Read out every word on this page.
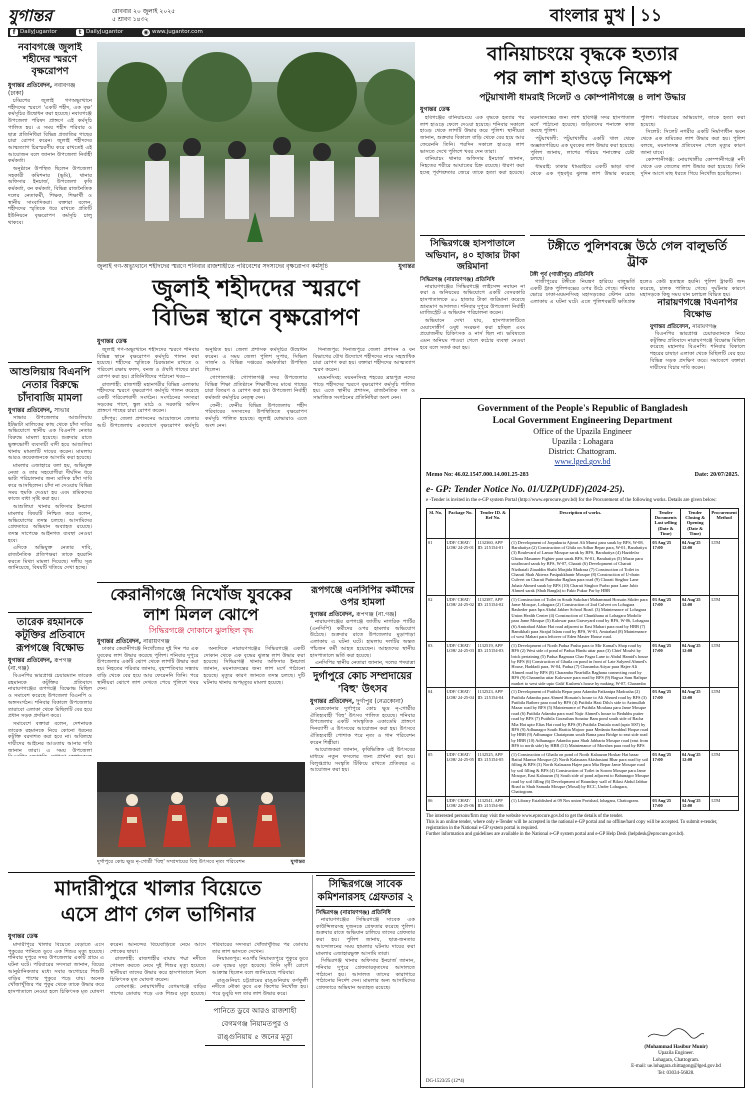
যুগান্তর	রোববার ২০ জুলাই ২০২৫
৫ শ্রাবণ ১৪৩২	বাংলার মুখ ১১
f DailyJugantor	t DailyJugantor	◉ www.jugantor.com
নবাবগঞ্জে জুলাই শহীদের স্মরণে বৃক্ষরোপণ
যুগান্তর প্রতিবেদন, নবাবগঞ্জ (ঢাকা)

চব্বিশের জুলাই গণঅভ্যুত্থানে শহীদদের স্মরণে 'একটি শহীদ, এক বৃক্ষ' কর্মসূচির উদ্বোধন করা হয়েছে। নবাবগঞ্জে উপজেলা পরিষদ প্রাঙ্গণে এই কর্মসূচি পালিত হয়। এ সময় শহীদ পরিবার ও ছাত্র প্রতিনিধিরা বিভিন্ন প্রজাতির গাছের চারা রোপণ করেন। জুলাই শহীদদের আত্মত্যাগ চিরস্মরণীয় করে রাখতেই এই আয়োজন বলে জানান উপজেলা নির্বাহী কর্মকর্তা।

অনুষ্ঠানে উপস্থিত ছিলেন উপজেলা সহকারী কমিশনার (ভূমি), থানার অফিসার ইনচার্জ, উপজেলা কৃষি কর্মকর্তা, বন কর্মকর্তা, বিভিন্ন রাজনৈতিক দলের নেতাকর্মী, শিক্ষক, শিক্ষার্থী ও স্থানীয় সাংবাদিকরা। বক্তারা বলেন, শহীদদের স্মৃতিকে ধরে রাখতে প্রতিটি ইউনিয়নে বৃক্ষরোপণ কর্মসূচি চালু থাকবে।

জুলাই গণ-অভ্যুত্থানে শহীদদের স্মরণে শনিবার রাজশাহীতে পরিবেশের সদস্যদের বৃক্ষরোপণ কর্মসূচি	যুগান্তর
জুলাই শহীদদের স্মরণে
বিভিন্ন স্থানে বৃক্ষরোপণ
যুগান্তর ডেস্ক

জুলাই গণ-অভ্যুত্থানে শহীদদের স্মরণে শনিবার বিভিন্ন স্থানে বৃক্ষরোপণ কর্মসূচি পালন করা হয়েছে। শহীদের স্মৃতিকে চিরঅম্লান রাখতে ও পরিবেশ রক্ষায় ফলদ, বনজ ও ঔষধি গাছের চারা রোপণ করা হয়। প্রতিনিধিদের পাঠানো খবর—

রাজশাহী: রাজশাহী মহানগরীর বিভিন্ন এলাকায় শহীদদের স্মরণে বৃক্ষরোপণ কর্মসূচি পালন করেছে একটি পরিবেশবাদী সংগঠন। সংগঠনের সদস্যরা সড়কের পাশে, স্কুল মাঠে ও সরকারি অফিস প্রাঙ্গণে গাছের চারা রোপণ করেন।

চাঁদপুর: জেলা প্রশাসনের আয়োজনে জেলার আট উপজেলায় একযোগে বৃক্ষরোপণ কর্মসূচি অনুষ্ঠিত হয়। জেলা প্রশাসক কর্মসূচির উদ্বোধন করেন। এ সময় জেলা পুলিশ সুপার, সিভিল সার্জন ও বিভিন্ন দপ্তরের কর্মকর্তারা উপস্থিত ছিলেন।

গোপালগঞ্জ: গোপালগঞ্জ সদর উপজেলার বিভিন্ন শিক্ষা প্রতিষ্ঠানে শিক্ষার্থীদের মাঝে গাছের চারা বিতরণ ও রোপণ করা হয়। উপজেলা নির্বাহী কর্মকর্তা কর্মসূচির নেতৃত্ব দেন।

ফেনী: ফেনীর বিভিন্ন উপজেলায় শহীদ পরিবারের সদস্যদের উপস্থিতিতে বৃক্ষরোপণ কর্মসূচি পালিত হয়েছে। জুলাই যোদ্ধারাও এতে অংশ নেন।

দিনাজপুর: দিনাজপুরে জেলা প্রশাসন ও বন বিভাগের যৌথ উদ্যোগে শহীদদের নামে সহস্রাধিক চারা রোপণ করা হয়। বক্তারা শহীদদের আত্মত্যাগ স্মরণ করেন।

ময়মনসিংহ: ময়মনসিংহ শহরের ব্রহ্মপুত্র নদের পাড়ে শহীদদের স্মরণে বৃক্ষরোপণ কর্মসূচি পালিত হয়। এতে স্থানীয় প্রশাসন, রাজনৈতিক দল ও সামাজিক সংগঠনের প্রতিনিধিরা অংশ নেন।

আশুলিয়ায় বিএনপি নেতার বিরুদ্ধে চাঁদাবাজি মামলা
যুগান্তর প্রতিবেদন, সাভার

সাভার উপজেলার আশুলিয়ায় ইটভাটা মালিকের কাছ থেকে চাঁদা দাবির অভিযোগে স্থানীয় এক বিএনপি নেতার বিরুদ্ধে মামলা হয়েছে। শুক্রবার রাতে ভুক্তভোগী ব্যবসায়ী বাদী হয়ে আশুলিয়া থানায় মামলাটি দায়ের করেন। মামলায় আরও কয়েকজনকে আসামি করা হয়েছে।

মামলার এজাহারে বলা হয়, অভিযুক্ত নেতা ও তার সহযোগীরা দীর্ঘদিন ধরে ভাটা পরিচালনার জন্য মাসিক চাঁদা দাবি করে আসছিলেন। চাঁদা না দেওয়ায় বিভিন্ন সময় হুমকি দেওয়া হয় এবং শ্রমিকদের কাজে বাধা সৃষ্টি করা হয়।

আশুলিয়া থানার অফিসার ইনচার্জ মামলার বিষয়টি নিশ্চিত করে বলেন, অভিযোগের তদন্ত চলছে। আসামিদের গ্রেফতারে অভিযান অব্যাহত রয়েছে। তদন্ত সাপেক্ষে আইনগত ব্যবস্থা নেওয়া হবে।

এদিকে অভিযুক্ত নেতার দাবি, রাজনৈতিক প্রতিপক্ষরা তাকে হয়রানি করতে মিথ্যা মামলা দিয়েছে। দলীয় সূত্র জানিয়েছে, বিষয়টি খতিয়ে দেখা হচ্ছে।

তারেক রহমানকে কটূক্তির প্রতিবাদে রূপগঞ্জে বিক্ষোভ
যুগান্তর প্রতিবেদন, রূপগঞ্জ (না.গঞ্জ)

বিএনপির ভারপ্রাপ্ত চেয়ারম্যান তারেক রহমানকে কটূক্তির প্রতিবাদে নারায়ণগঞ্জের রূপগঞ্জে বিক্ষোভ মিছিল ও সমাবেশ করেছে উপজেলা বিএনপি ও অঙ্গসংগঠন। শনিবার বিকালে উপজেলার তারাবো এলাকা থেকে মিছিলটি বের হয়ে প্রধান সড়ক প্রদক্ষিণ করে।

সমাবেশে বক্তারা বলেন, দেশনায়ক তারেক রহমানকে নিয়ে কোনো ধরনের কটূক্তি বরদাশত করা হবে না। অবিলম্বে দায়ীদের আইনের আওতায় আনার দাবি জানান তারা। এ সময় উপজেলা

কেরানীগঞ্জে নিখোঁজ যুবকের
লাশ মিলল ঝোপে
সিদ্ধিরগঞ্জে দোকানে ঝুলছিল বৃদ্ধ
যুগান্তর প্রতিবেদন, নারায়ণগঞ্জ

ঢাকার কেরানীগঞ্জে নিখোঁজের দুই দিন পর এক যুবকের লাশ উদ্ধার করেছে পুলিশ। শনিবার দুপুরে উপজেলার একটি ঝোপ থেকে লাশটি উদ্ধার করা হয়। নিহতের পরিবার জানায়, বৃহস্পতিবার সন্ধ্যায় বাড়ি থেকে বের হয়ে আর ফেরেননি তিনি। পরে স্থানীয়রা ঝোপে লাশ দেখতে পেয়ে পুলিশে খবর দেন।

অন্যদিকে নারায়ণগঞ্জের সিদ্ধিরগঞ্জে একটি দোকান থেকে এক বৃদ্ধের ঝুলন্ত লাশ উদ্ধার করা হয়েছে। সিদ্ধিরগঞ্জ থানার অফিসার ইনচার্জ জানান, ময়নাতদন্তের জন্য লাশ মর্গে পাঠানো হয়েছে। মৃত্যুর কারণ জানতে তদন্ত চলছে। দুটি ঘটনায় থানায় অপমৃত্যুর মামলা হয়েছে।

রূপগঞ্জে এনসিপির কর্মীদের ওপর হামলা
যুগান্তর প্রতিবেদন, রূপগঞ্জ (না.গঞ্জ)

নারায়ণগঞ্জের রূপগঞ্জে জাতীয় নাগরিক পার্টির (এনসিপি) কর্মীদের ওপর হামলার অভিযোগ উঠেছে। শুক্রবার রাতে উপজেলার মুড়াপাড়া এলাকায় এ ঘটনা ঘটে। হামলায় দলটির অন্তত পাঁচজন কর্মী আহত হয়েছেন। আহতদের স্থানীয় হাসপাতালে ভর্তি করা হয়েছে।

এনসিপির স্থানীয় নেতারা জানান, দলের পদযাত্রা

দুর্গাপুরে কোচ ক্ষুদ্র নৃ-গোষ্ঠী 'বিহু' সম্প্রদায়ের বিহু উৎসবে নৃত্য পরিবেশন	যুগান্তর
দুর্গাপুরে কোচ সম্প্রদায়ের 'বিহু' উৎসব
যুগান্তর প্রতিবেদন, দুর্গাপুর (নেত্রকোনা)

নেত্রকোনার দুর্গাপুরে কোচ ক্ষুদ্র নৃ-গোষ্ঠীর ঐতিহ্যবাহী 'বিহু' উৎসব পালিত হয়েছে। শনিবার উপজেলার একটি সাংস্কৃতিক একাডেমি প্রাঙ্গণে দিনব্যাপী এ উৎসবের আয়োজন করা হয়। উৎসবে ঐতিহ্যবাহী পোশাক পরে নৃত্য ও গান পরিবেশন করেন শিল্পীরা।

আয়োজকরা জানান, কৃষিভিত্তিক এই উৎসবের মাধ্যমে নতুন ফসলের জন্য প্রার্থনা করা হয়। বিলুপ্তপ্রায় সংস্কৃতি টিকিয়ে রাখতে প্রতিবছর এ আয়োজন করা হয়।

বানিয়াচংয়ে বৃদ্ধকে হত্যার
পর লাশ হাওড়ে নিক্ষেপ
পটুয়াখালী ধামরাই সিলেট ও কোম্পানীগঞ্জে ৪ লাশ উদ্ধার
যুগান্তর ডেস্ক

হবিগঞ্জের বানিয়াচংয়ে এক বৃদ্ধকে হত্যার পর লাশ হাওড়ে ফেলে দেওয়া হয়েছে। শনিবার সকালে হাওড় থেকে লাশটি উদ্ধার করে পুলিশ। স্থানীয়রা জানান, শুক্রবার বিকালে বাড়ি থেকে বের হয়ে আর ফেরেননি তিনি। পরদিন সকালে হাওড়ে লাশ ভাসতে দেখে পুলিশে খবর দেন তারা।

বানিয়াচং থানার অফিসার ইনচার্জ জানান, নিহতের শরীরে আঘাতের চিহ্ন রয়েছে। ধারণা করা হচ্ছে পূর্বশত্রুতার জেরে তাকে হত্যা করা হয়েছে। ময়নাতদন্তের জন্য লাশ হবিগঞ্জ সদর হাসপাতাল মর্গে পাঠানো হয়েছে। জড়িতদের শনাক্তে কাজ করছে পুলিশ।

পটুয়াখালী: পটুয়াখালীর একটি খাল থেকে অজ্ঞাতপরিচয় এক যুবকের লাশ উদ্ধার করা হয়েছে। পুলিশ জানায়, লাশের পরিচয় শনাক্তের চেষ্টা চলছে।

ধামরাই: ঢাকার ধামরাইয়ে একটি ভাড়া বাসা থেকে এক গৃহবধূর ঝুলন্ত লাশ উদ্ধার করেছে পুলিশ। পরিবারের অভিযোগ, তাকে হত্যা করা হয়েছে।

সিলেট: সিলেট নগরীর একটি নির্মাণাধীন ভবন থেকে এক শ্রমিকের লাশ উদ্ধার করা হয়। পুলিশ বলছে, ময়নাতদন্ত প্রতিবেদন পেলে মৃত্যুর কারণ জানা যাবে।

কোম্পানীগঞ্জ: নোয়াখালীর কোম্পানীগঞ্জে নদী থেকে এক জেলের লাশ উদ্ধার করা হয়েছে। তিনি দুদিন আগে মাছ ধরতে গিয়ে নিখোঁজ হয়েছিলেন।

সিদ্ধিরগঞ্জে হাসপাতালে অভিযান, ৪০ হাজার টাকা জরিমানা
সিদ্ধিরগঞ্জ (নারায়ণগঞ্জ) প্রতিনিধি

নারায়ণগঞ্জের সিদ্ধিরগঞ্জে লাইসেন্স নবায়ন না করা ও অনিয়মের অভিযোগে একটি বেসরকারি হাসপাতালকে ৪০ হাজার টাকা জরিমানা করেছে ভ্রাম্যমাণ আদালত। শনিবার দুপুরে উপজেলা নির্বাহী ম্যাজিস্ট্রেট এ অভিযান পরিচালনা করেন।

অভিযানে দেখা যায়, হাসপাতালটিতে মেয়াদোত্তীর্ণ ওষুধ সংরক্ষণ করা হচ্ছিল এবং প্রয়োজনীয় চিকিৎসক ও নার্স ছিল না। ভবিষ্যতে এমন অনিয়ম পাওয়া গেলে কঠোর ব্যবস্থা নেওয়া হবে বলে সতর্ক করা হয়।

টঙ্গীতে পুলিশবক্সে উঠে গেল বালুভর্তি ট্রাক
টঙ্গী পূর্ব (গাজীপুর) প্রতিনিধি

গাজীপুরের টঙ্গীতে নিয়ন্ত্রণ হারিয়ে বালুভর্তি একটি ট্রাক পুলিশবক্সের ওপর উঠে গেছে। শনিবার ভোরে ঢাকা-ময়মনসিংহ মহাসড়কের স্টেশন রোড এলাকায় এ ঘটনা ঘটে। এতে পুলিশবক্সটি ক্ষতিগ্রস্ত হলেও কেউ হতাহত হয়নি। পুলিশ ট্রাকটি জব্দ করেছে, চালক পালিয়ে গেছে। দুর্ঘটনার কারণে মহাসড়কে কিছু সময় যান চলাচল বিঘ্নিত হয়।

নারায়ণগঞ্জে বিএনপির বিক্ষোভ
যুগান্তর প্রতিবেদন, নারায়ণগঞ্জ

বিএনপির ভারপ্রাপ্ত চেয়ারম্যানকে নিয়ে কটূক্তির প্রতিবাদে নারায়ণগঞ্জে বিক্ষোভ মিছিল করেছে মহানগর বিএনপি। শনিবার বিকালে শহরের চাষাঢ়া এলাকা থেকে মিছিলটি বের হয়ে বিভিন্ন সড়ক প্রদক্ষিণ করে। সমাবেশে বক্তারা দায়ীদের বিচার দাবি করেন।

Government of the People's Republic of Bangladesh
Local Government Engineering Department
Office of the Upazila Engineer
Upazila : Lohagara
District: Chattogram.
www.lged.gov.bd
Memo No: 46.02.1547.000.14.001.25-283	Date: 20/07/2025.
e- GP: Tender Notice No. 01/UZP(UDF)(2024-25).
e -Tender is invited in the e-GP system Portal (http://www.eprocure.gov.bd) for the Procurement of the following works. Details are given below:
Sl. No.	Package No.	Tender ID. & Ref No.	Description of works.	Tender Documents Last selling (Date & Time)	Tender Closing & Opening (Date & Time)	Procurement Method
01	UDF/ CHAT/ LOH/ 24-25-01	1132360, APP ID: 215154-01	(1) Development of Jorpukuria Ajimri Ali Munsi para sarak by BFS, W-08, Barahatiya (2) Construction of Ghila on Adhar Bepar para, W-01, Barahatiya (3) Boulevard of Lamar Mosque sarak by BFS, Barahatiya (4) Hazidefar Ghona Masumer Fighter para sarak BFS, W-01, Barahatiya (5) Mazar para southward sarak by BFS, W-07, Charati (6) Development of Charati Nizibatali Ziauddin Shahi Masjida Madrasa (7) Construction of Toilet in Charati Shah Akterra Pasipukkhanir Mosque (8) Construction of U-drain Culvert on Charati Putimdar Baghan para road (9) Charati Singhor Lane Jubair Ahmed sarak by BFS (10) Charati Singhor Purbo para Lane Jubir Ahmed sarak (Shah Bangla) to Fakir Pukur Par by HBB	03 Aug'25 17:00	04 Aug'25 12:00	LTM
02	UDF/ CHAT/ LOH/ 24-25-02	1132387, APP ID: 215154-02	(1) Construction of Toilet in South Sukchari Mohammad Hossain Sikder para Jame Mosque, Lohagara (2) Construction of 2nd Culvert on Lohagara Rasheder para Iqra Abdul Jabber School Road. (3) Maintenance of Lohagara Union Health Center (4) Construction of Chunkhana at Lohagara Modolir para Jame Mosque (5) Kalowar para Graveyard road by BFS, W-06, Lohagara (6) Amirabad Akbar Hat road adjacent to East Mahari para road by HBB (7) Bamikhali para Sirajul Islam road by BFS, W-01, Amirabad (8) Maintenance of west Mahari para leftover of Eden Master House road.	03 Aug'25 17:00	04 Aug'25 12:00	LTM
03	UDF/ CHAT/ LOH/ 24-25-03	1132519, APP ID: 215154-03	(1) Development of North Padua Pashu para to Mir Kamal's Shop road by BFS (2) West side of pond of Padua Hindu uttar para (3) Chief Moulvi by brick pertaining (5) Padua Bagmara Char Pagar Lane to Abdul Hamid's house by BFS (6) Construction of Ghatla on pond in front of Late Salyeed Ahmed's House, Haddadi para, W-04, Padua (7) Charamba Atiyar para Hajee Ali Ahmed road by BFS (8) Charamba Nearbilla Baghana connecting road by BFS (9) Charamba uttar Kaloware para road by BFS (9) Bagwa Sam Rafique market to west side upto Galif Kashem's house by making, W-07, Charamba	03 Aug'25 17:00	04 Aug'25 12:00	LTM
04	UDF/ CHAT/ LOH/ 24-25-04	1132523, APP ID: 215154-04	(1) Development of Putibila Bepar para Adamba Fatkanipa Madrasha (2) Putibila Adamba para Ahmed Hossain's house to Ali Ahmed road by BFS (3) Putibila Batherr para road by BFS (4) Putibila Hazi Dilu's side to Azimullah Mazar road by BFS (5) Maintenance of Putibila Moulana para Jame Mosque road (6) Putibila Adamba para road Najir Ahmed's house to Bedubhs putter road by BFS (7) Putibila Gorasthan Sonatur Bam pond south side of Bacha Mia Hat upto Elias Hat road by BFS (8) Putibila Dasiala road (upto 500') by BFS (9) Adhunagor South Haritia Majoor para Medania Sambhul Hoque road by HBB (9) Adhunagor Chaiatpram south Bama para Bridge to east side road by HBB (10) Adhunagor Adamba para Shah Jabbaria Mosque road (east from BFS to north side) by HBB (11) Maintenance of Morshea para road by BFS	03 Aug'25 17:00	04 Aug'25 12:00	LTM
05	UDF/ CHAT/ LOH/ 24-25-05	1132525, APP ID: 215154-05	(1) Construction of Ghatla on pond of North Kalauzan Hoskar Hat bazar Baitul Mamur Mosque (2) North Kalauzan Akishasiani Bhar para road by soil filling & BFS (3) North Kalauzan Hajee para Mia Bepar Jame Mosque road by soil filling & BFS (4) Construction of Toilet in Sorom Mosque para Jame Mosque, East Kalauzan (5) South side of pond adjacent to Babunagor Mosque road by soil filling (6) Development of Boundary wall of Bilasi Abdul Jabbar Road to Shah Samada Mosque (Mosal) by RCC, Under Lohagara, Chattogram.	03 Aug'25 17:00	04 Aug'25 12:00	LTM
06	UDF/ CHAT/ LOH/ 24-25-06	1132541, APP ID: 215154-06	(1) Library Established at 09 Nos union Porishad, lohagara, Chattogram.	03 Aug'25 17:00	04 Aug'25 12:00	LTM
The interested persons/firm may visit the website www.eprocure.gov.bd to get the details of the tender.
This is an online tender, where only e-Tender will be accepted in the national e-GP portal and no offline/hard copy will be accepted. To submit e-tender, registration in the National e-GP system portal is required.
Further information and guidelines are available in the National e-GP system portal and e-GP Help Desk (helpdesk@eprocure.gov.bd).
(Mohammad Hasibur Munir)
Upazila Engineer.
Lohagara, Chattogram.
E-mail: ue.lohagara.chittagong@lged.gov.bd
Tel: 03034-56828.
DG-1523/25 (12*4)
মাদারীপুরে খালার বিয়েতে
এসে প্রাণ গেল ভাগিনার
যুগান্তর ডেস্ক

মাদারীপুরে খালার বিয়েতে বেড়াতে এসে পুকুরের পানিতে ডুবে এক শিশুর মৃত্যু হয়েছে। শনিবার দুপুরে সদর উপজেলার একটি গ্রামে এ ঘটনা ঘটে। পরিবারের সদস্যরা জানান, বিয়ের আনুষ্ঠানিকতার মধ্যে সবার অগোচরে শিশুটি বাড়ির পাশের পুকুরে পড়ে যায়। অনেক খোঁজাখুঁজির পর পুকুর থেকে তাকে উদ্ধার করে হাসপাতালে নেওয়া হলে চিকিৎসক মৃত ঘোষণা করেন। আনন্দের বিয়েবাড়িতে নেমে আসে শোকের ছায়া।

রাজশাহী: রাজশাহীর বাঘায় পদ্মা নদীতে গোসল করতে নেমে দুই শিশুর মৃত্যু হয়েছে। স্থানীয়রা তাদের উদ্ধার করে হাসপাতালে নিলে চিকিৎসক মৃত ঘোষণা করেন।

বেগমগঞ্জ: নোয়াখালীর বেগমগঞ্জে বাড়ির পাশের ডোবায় পড়ে এক শিশুর মৃত্যু হয়েছে। পরিবারের সদস্যরা খোঁজাখুঁজির পর ডোবায় তার লাশ ভাসতে দেখেন।

নিয়ামতপুর: নওগাঁর নিয়ামতপুরে পুকুরে ডুবে এক বৃদ্ধের মৃত্যু হয়েছে। তিনি মৃগী রোগে আক্রান্ত ছিলেন বলে জানিয়েছে পরিবার।

রাঙ্গুনিয়া: চট্টগ্রামের রাঙ্গুনিয়ায় কর্ণফুলী নদীতে নৌকা ডুবে এক কিশোর নিখোঁজ হয়। পরে ডুবুরি দল তার লাশ উদ্ধার করে।

পানিতে ডুবে আরও রাজশাহী
বেগমগঞ্জ নিয়ামতপুর ও
রাঙ্গুনিয়ায় ৫ জনের মৃত্যু
সিদ্ধিরগঞ্জে সাবেক কমিশনারসহ গ্রেফতার ২
সিদ্ধিরগঞ্জ (নারায়ণগঞ্জ) প্রতিনিধি

নারায়ণগঞ্জের সিদ্ধিরগঞ্জে সাবেক এক কাউন্সিলরসহ দুজনকে গ্রেফতার করেছে পুলিশ। শুক্রবার রাতে অভিযান চালিয়ে তাদের গ্রেফতার করা হয়। পুলিশ জানায়, ছাত্র-জনতার আন্দোলনের সময় হামলার ঘটনায় দায়ের করা মামলার এজাহারভুক্ত আসামি তারা।

সিদ্ধিরগঞ্জ থানার অফিসার ইনচার্জ জানান, শনিবার দুপুরে গ্রেফতারকৃতদের আদালতে পাঠানো হয়। আদালত তাদের কারাগারে পাঠানোর নির্দেশ দেন। মামলার অন্য আসামিদের গ্রেফতারে অভিযান অব্যাহত রয়েছে।
